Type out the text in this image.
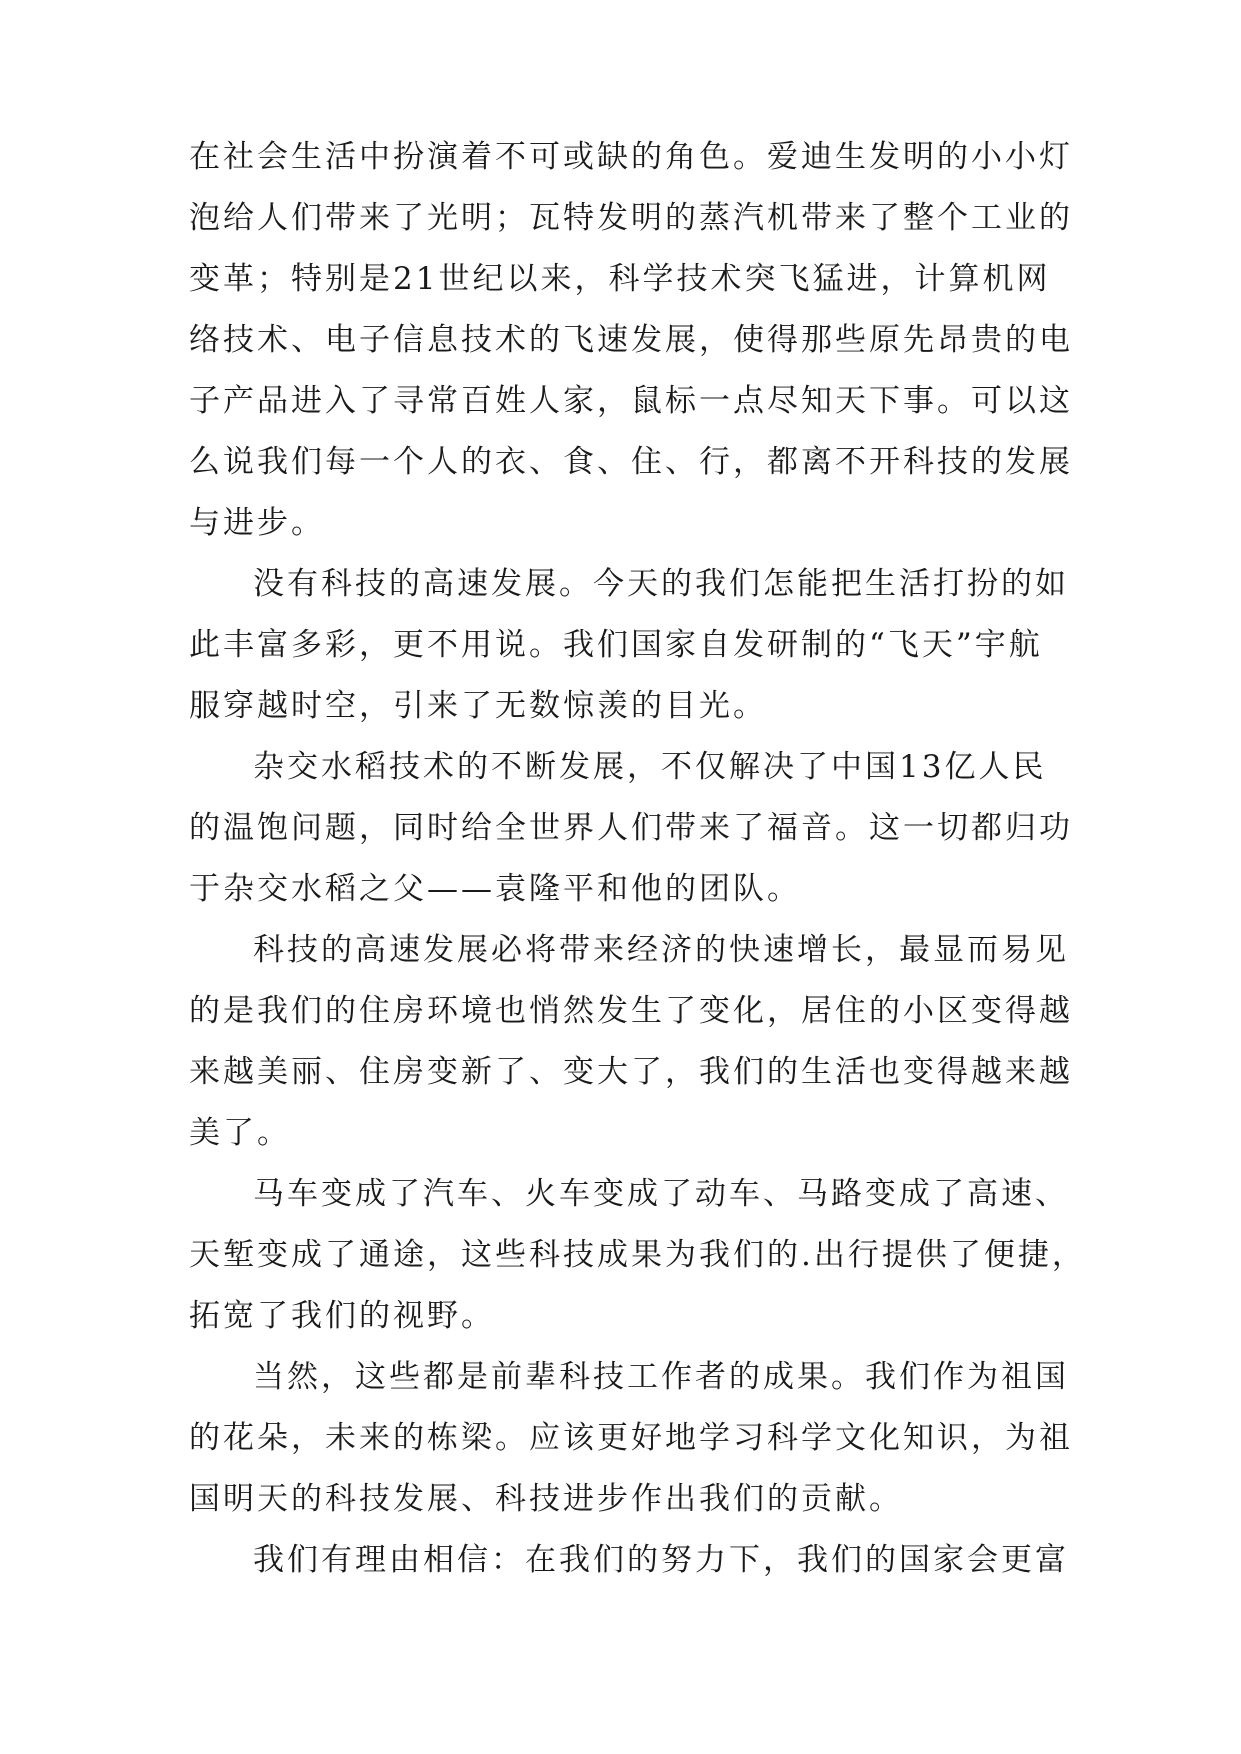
在社会生活中扮演着不可或缺的角色。爱迪生发明的小小灯
泡给人们带来了光明；瓦特发明的蒸汽机带来了整个工业的
变革；特别是21世纪以来，科学技术突飞猛进，计算机网
络技术、电子信息技术的飞速发展，使得那些原先昂贵的电
子产品进入了寻常百姓人家，鼠标一点尽知天下事。可以这
么说我们每一个人的衣、食、住、行，都离不开科技的发展
与进步。
没有科技的高速发展。今天的我们怎能把生活打扮的如
此丰富多彩，更不用说。我们国家自发研制的“飞天”宇航
服穿越时空，引来了无数惊羡的目光。
杂交水稻技术的不断发展，不仅解决了中国13亿人民
的温饱问题，同时给全世界人们带来了福音。这一切都归功
于杂交水稻之父——袁隆平和他的团队。
科技的高速发展必将带来经济的快速增长，最显而易见
的是我们的住房环境也悄然发生了变化，居住的小区变得越
来越美丽、住房变新了、变大了，我们的生活也变得越来越
美了。
马车变成了汽车、火车变成了动车、马路变成了高速、
天堑变成了通途，这些科技成果为我们的.出行提供了便捷，
拓宽了我们的视野。
当然，这些都是前辈科技工作者的成果。我们作为祖国
的花朵，未来的栋梁。应该更好地学习科学文化知识，为祖
国明天的科技发展、科技进步作出我们的贡献。
我们有理由相信：在我们的努力下，我们的国家会更富
